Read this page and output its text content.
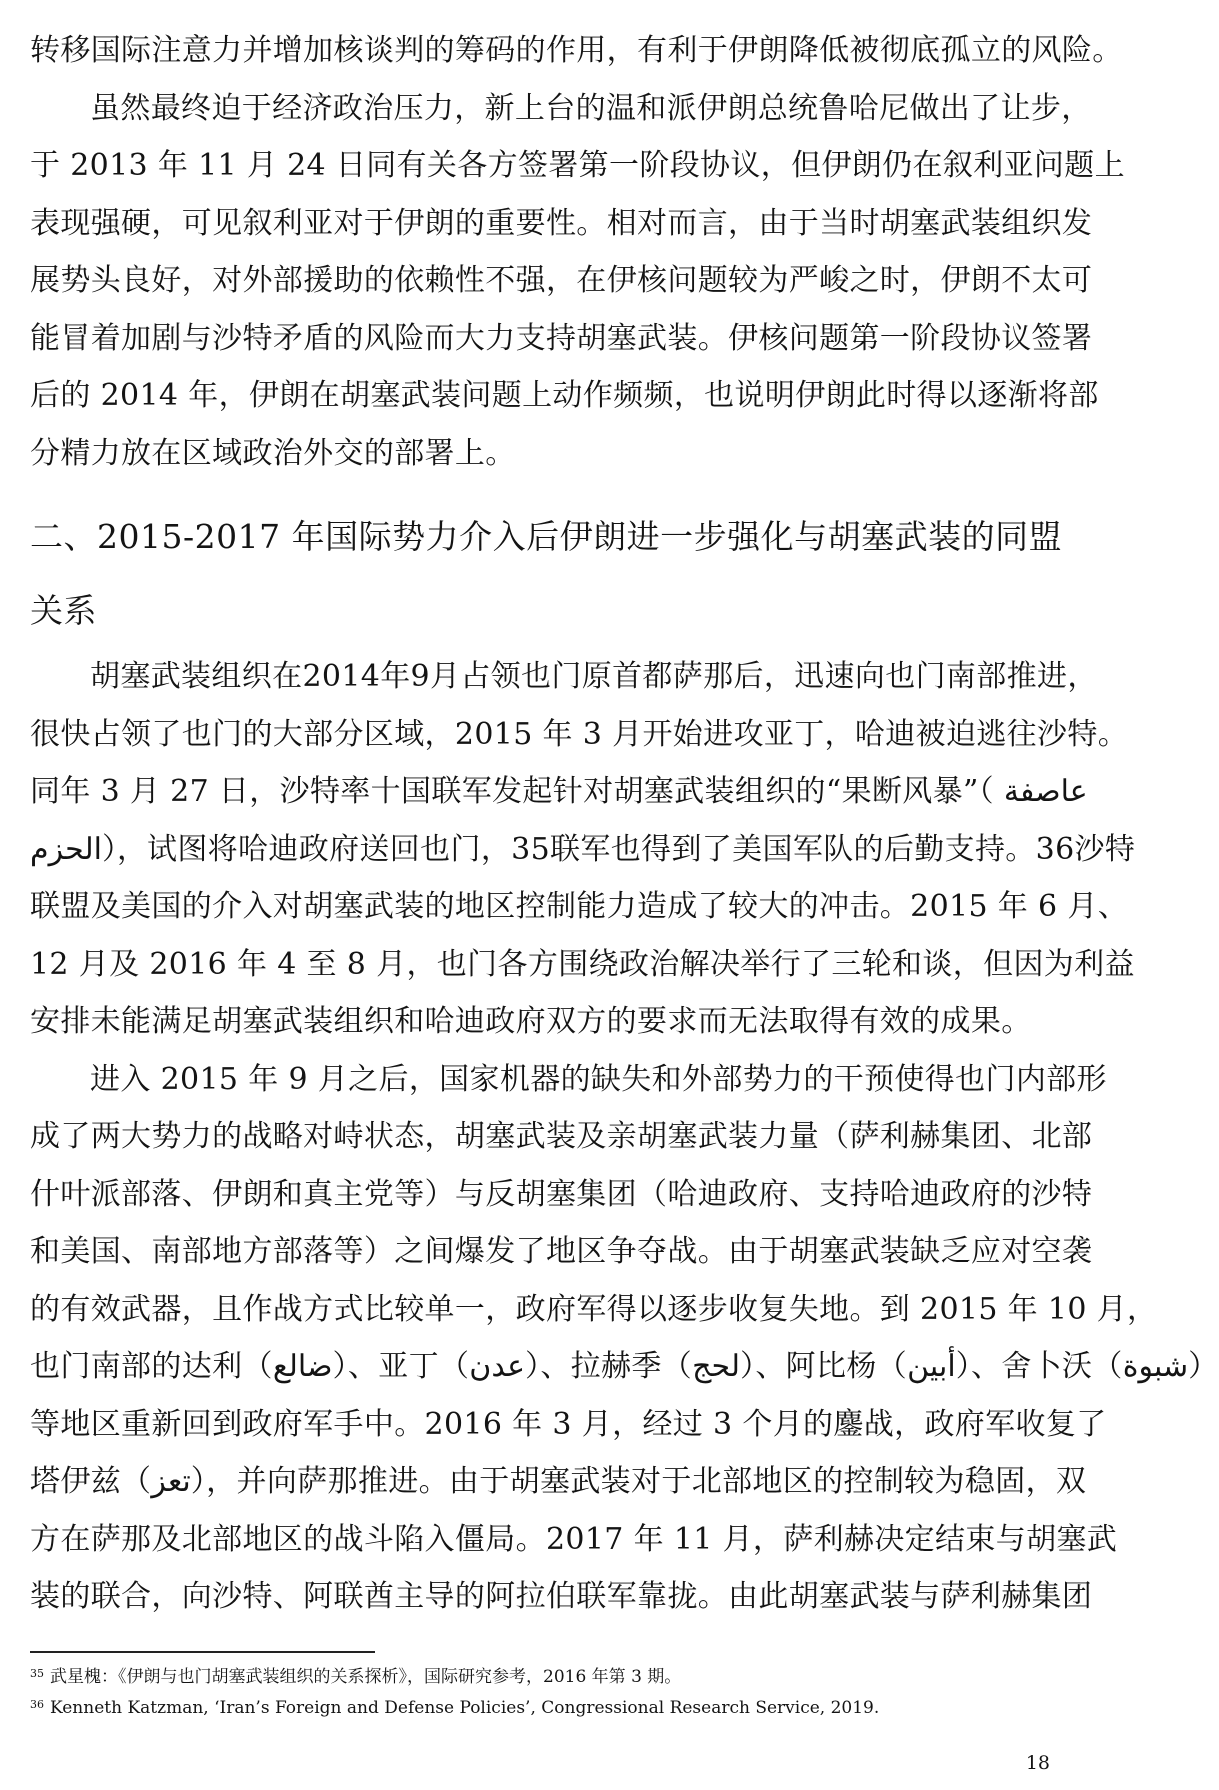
转移国际注意力并增加核谈判的筹码的作用，有利于伊朗降低被彻底孤立的风险。
虽然最终迫于经济政治压力，新上台的温和派伊朗总统鲁哈尼做出了让步，
于 2013 年 11 月 24 日同有关各方签署第一阶段协议，但伊朗仍在叙利亚问题上
表现强硬，可见叙利亚对于伊朗的重要性。相对而言，由于当时胡塞武装组织发
展势头良好，对外部援助的依赖性不强，在伊核问题较为严峻之时，伊朗不太可
能冒着加剧与沙特矛盾的风险而大力支持胡塞武装。伊核问题第一阶段协议签署
后的 2014 年，伊朗在胡塞武装问题上动作频频，也说明伊朗此时得以逐渐将部
分精力放在区域政治外交的部署上。
二、2015-2017 年国际势力介入后伊朗进一步强化与胡塞武装的同盟
关系
胡塞武装组织在2014年9月占领也门原首都萨那后，迅速向也门南部推进，
很快占领了也门的大部分区域，2015 年 3 月开始进攻亚丁，哈迪被迫逃往沙特。
同年 3 月 27 日，沙特率十国联军发起针对胡塞武装组织的“果断风暴”（ عاصفة
الحزم），试图将哈迪政府送回也门，35联军也得到了美国军队的后勤支持。36沙特
联盟及美国的介入对胡塞武装的地区控制能力造成了较大的冲击。2015 年 6 月、
12 月及 2016 年 4 至 8 月，也门各方围绕政治解决举行了三轮和谈，但因为利益
安排未能满足胡塞武装组织和哈迪政府双方的要求而无法取得有效的成果。
进入 2015 年 9 月之后，国家机器的缺失和外部势力的干预使得也门内部形
成了两大势力的战略对峙状态，胡塞武装及亲胡塞武装力量（萨利赫集团、北部
什叶派部落、伊朗和真主党等）与反胡塞集团（哈迪政府、支持哈迪政府的沙特
和美国、南部地方部落等）之间爆发了地区争夺战。由于胡塞武装缺乏应对空袭
的有效武器，且作战方式比较单一，政府军得以逐步收复失地。到 2015 年 10 月，
也门南部的达利（ضالع）、亚丁（عدن）、拉赫季（لحج）、阿比杨（أبين）、舍卜沃（شبوة）
等地区重新回到政府军手中。2016 年 3 月，经过 3 个月的鏖战，政府军收复了
塔伊兹（تعز），并向萨那推进。由于胡塞武装对于北部地区的控制较为稳固，双
方在萨那及北部地区的战斗陷入僵局。2017 年 11 月，萨利赫决定结束与胡塞武
装的联合，向沙特、阿联酋主导的阿拉伯联军靠拢。由此胡塞武装与萨利赫集团
$^{35}$ 武星槐：《伊朗与也门胡塞武装组织的关系探析》，国际研究参考，2016 年第 3 期。
$^{36}$ Kenneth Katzman, ‘Iran’s Foreign and Defense Policies’, Congressional Research Service, 2019.
18
